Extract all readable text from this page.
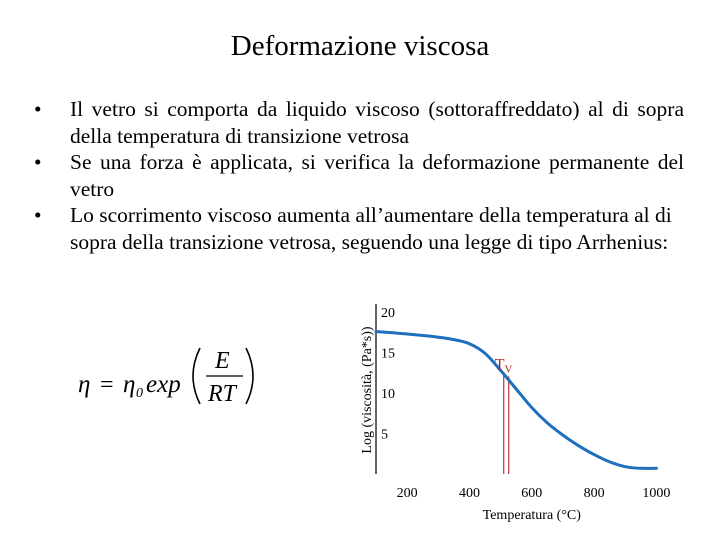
Deformazione viscosa
• Il vetro si comporta da liquido viscoso (sottoraffreddato) al di sopra della temperatura di transizione vetrosa
• Se una forza è applicata, si verifica la deformazione permanente del vetro
• Lo scorrimento viscoso aumenta all’aumentare della temperatura al di sopra della transizione vetrosa, seguendo una legge di tipo Arrhenius:
η = η 0 exp
E
RT
20
15
10
5
200	400	600	800	1000
Temperatura (°C)
Log (viscosità, (Pa*s))	TV
